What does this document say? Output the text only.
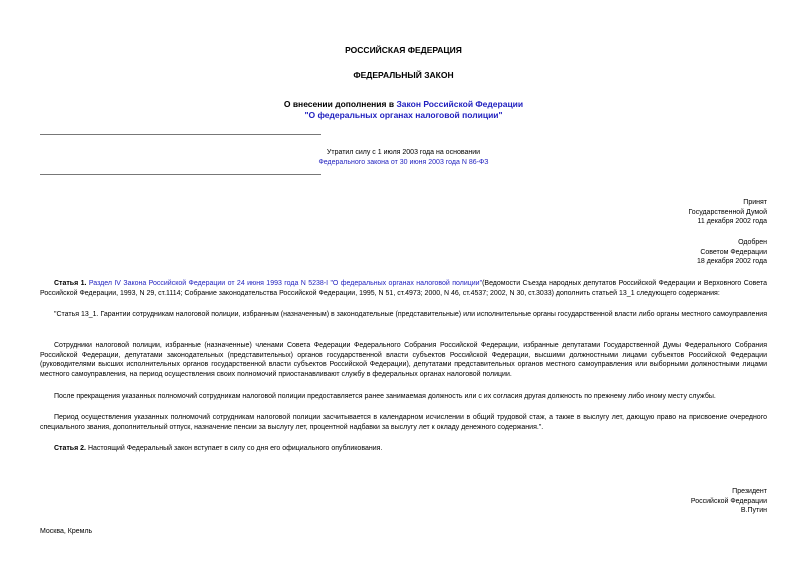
РОССИЙСКАЯ ФЕДЕРАЦИЯ
ФЕДЕРАЛЬНЫЙ ЗАКОН
О внесении дополнения в Закон Российской Федерации
"О федеральных органах налоговой полиции"
Утратил силу с 1 июля 2003 года на основании
Федерального закона от 30 июня 2003 года N 86-ФЗ
Принят
Государственной Думой
11 декабря 2002 года
Одобрен
Советом Федерации
18 декабря 2002 года
Статья 1. Раздел IV Закона Российской Федерации от 24 июня 1993 года N 5238-I "О федеральных органах налоговой полиции"(Ведомости Съезда народных депутатов Российской Федерации и Верховного Совета Российской Федерации, 1993, N 29, ст.1114; Собрание законодательства Российской Федерации, 1995, N 51, ст.4973; 2000, N 46, ст.4537; 2002, N 30, ст.3033) дополнить статьей 13_1 следующего содержания:
"Статья 13_1. Гарантии сотрудникам налоговой полиции, избранным (назначенным) в законодательные (представительные) или исполнительные органы государственной власти либо органы местного самоуправления
Сотрудники налоговой полиции, избранные (назначенные) членами Совета Федерации Федерального Собрания Российской Федерации, избранные депутатами Государственной Думы Федерального Собрания Российской Федерации, депутатами законодательных (представительных) органов государственной власти субъектов Российской Федерации, высшими должностными лицами субъектов Российской Федерации (руководителями высших исполнительных органов государственной власти субъектов Российской Федерации), депутатами представительных органов местного самоуправления или выборными должностными лицами местного самоуправления, на период осуществления своих полномочий приостанавливают службу в федеральных органах налоговой полиции.
После прекращения указанных полномочий сотрудникам налоговой полиции предоставляется ранее занимаемая должность или с их согласия другая должность по прежнему либо иному месту службы.
Период осуществления указанных полномочий сотрудникам налоговой полиции засчитывается в календарном исчислении в общий трудовой стаж, а также в выслугу лет, дающую право на присвоение очередного специального звания, дополнительный отпуск, назначение пенсии за выслугу лет, процентной надбавки за выслугу лет к окладу денежного содержания.".
Статья 2. Настоящий Федеральный закон вступает в силу со дня его официального опубликования.
Президент
Российской Федерации
В.Путин
Москва, Кремль
